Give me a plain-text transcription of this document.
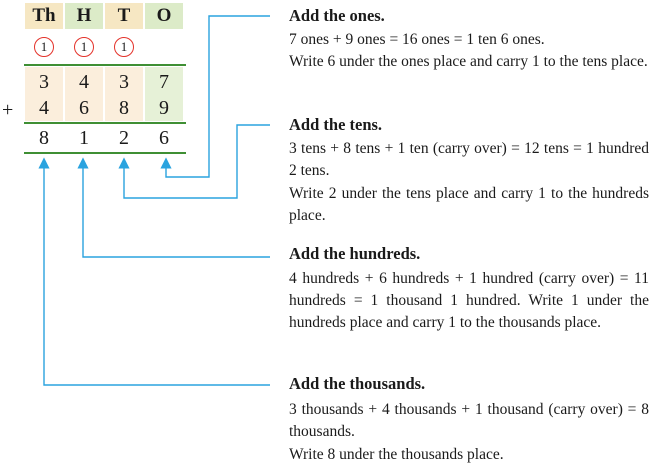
Th	H	T	O
1	1	1
3	4	3	7
+	4	6	8	9
8	1	2	6
Add the ones.
7 ones + 9 ones = 16 ones = 1 ten 6 ones.
Write 6 under the ones place and carry 1 to the tens place.
Add the tens.
3 tens + 8 tens + 1 ten (carry over) = 12 tens = 1 hundred 2 tens.
Write 2 under the tens place and carry 1 to the hundreds place.
Add the hundreds.
4 hundreds + 6 hundreds + 1 hundred (carry over) = 11 hundreds = 1 thousand 1 hundred. Write 1 under the hundreds place and carry 1 to the thousands place.
Add the thousands.
3 thousands + 4 thousands + 1 thousand (carry over) = 8 thousands.
Write 8 under the thousands place.
